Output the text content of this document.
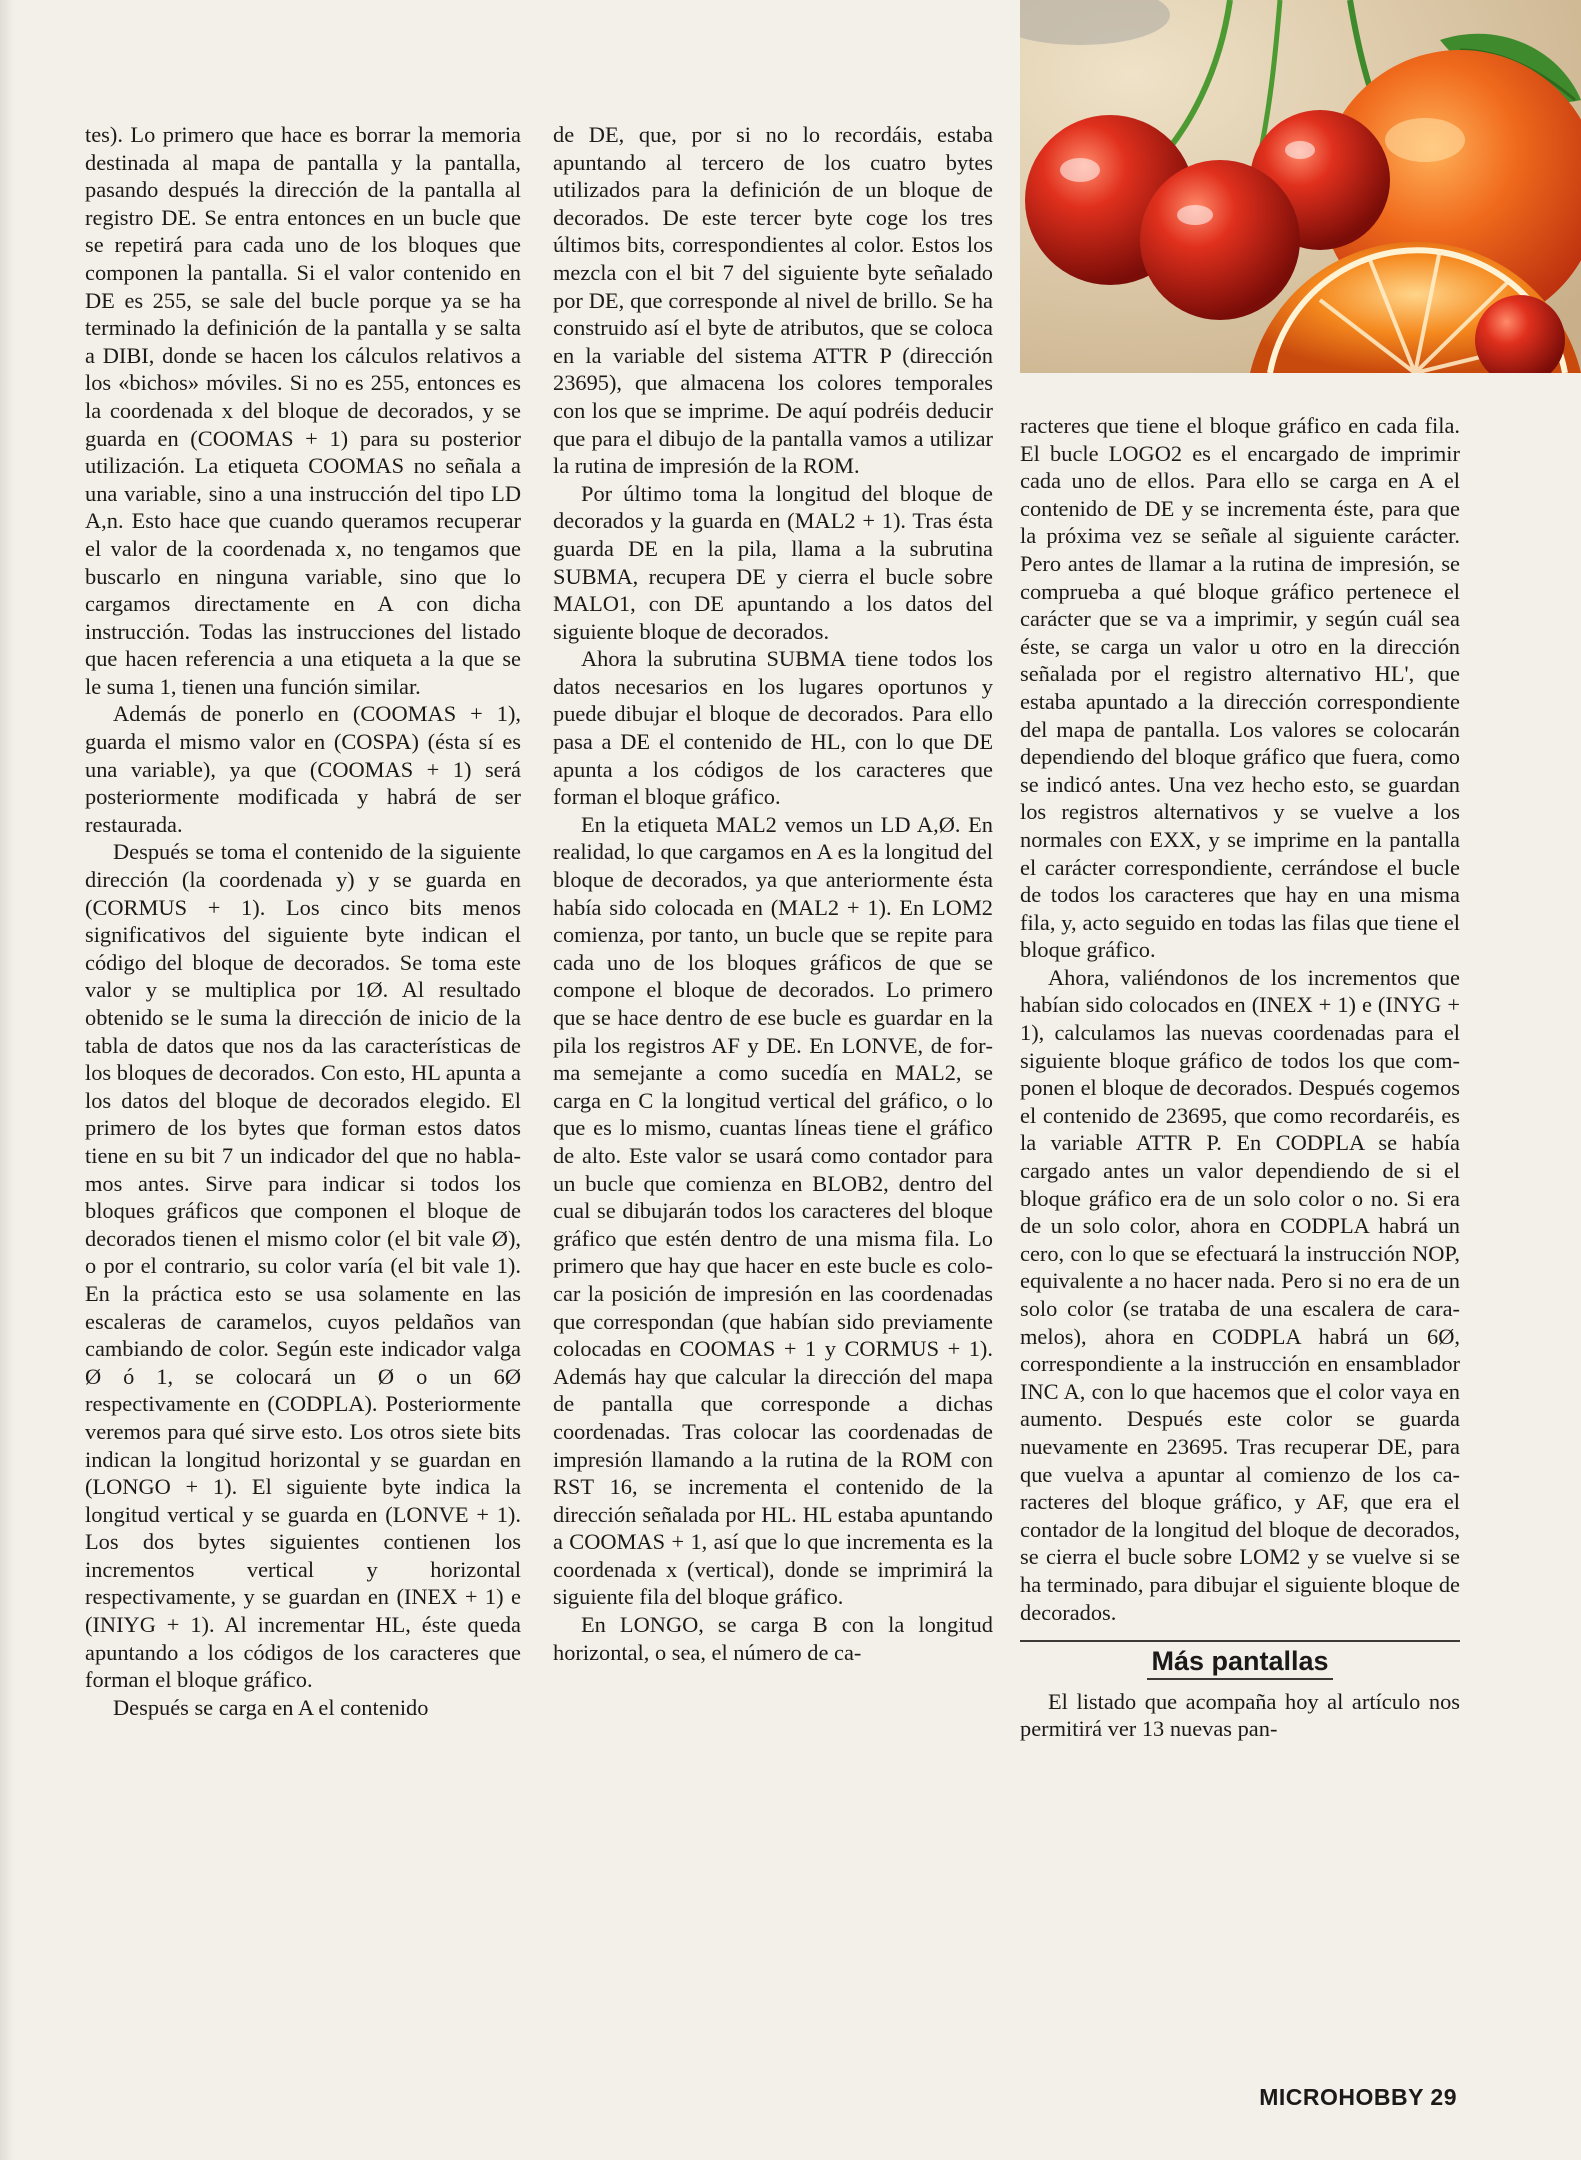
tes). Lo primero que hace es borrar la memoria destinada al mapa de pantalla y la pantalla, pasando después la dirección de la pantalla al registro DE. Se entra entonces en un bucle que se repetirá para cada uno de los bloques que componen la pantalla. Si el valor contenido en DE es 255, se sale del bucle porque ya se ha terminado la definición de la pantalla y se salta a DIBI, donde se hacen los cálculos relativos a los «bichos» móviles. Si no es 255, entonces es la coordenada x del bloque de decorados, y se guarda en (COOMAS + 1) para su posterior utilización. La etiqueta COOMAS no señala a una variable, sino a una instrucción del tipo LD A,n. Esto hace que cuando queramos recuperar el valor de la coordenada x, no tengamos que buscarlo en ninguna variable, sino que lo cargamos directamente en A con dicha instrucción. Todas las instrucciones del listado que hacen referencia a una etiqueta a la que se le suma 1, tienen una función similar.

Además de ponerlo en (COOMAS + 1), guarda el mismo valor en (COSPA) (ésta sí es una variable), ya que (COOMAS + 1) será posteriormente modificada y habrá de ser restaurada.

Después se toma el contenido de la siguiente dirección (la coordenada y) y se guarda en (CORMUS + 1). Los cinco bits menos significativos del siguiente byte indican el código del bloque de decorados. Se toma este valor y se multiplica por 1Ø. Al resultado obtenido se le suma la dirección de inicio de la tabla de datos que nos da las características de los bloques de decorados. Con esto, HL apunta a los datos del bloque de decorados elegido. El primero de los bytes que forman estos datos tiene en su bit 7 un indicador del que no hablamos antes. Sirve para indicar si todos los bloques gráficos que componen el bloque de decorados tienen el mismo color (el bit vale Ø), o por el contrario, su color varía (el bit vale 1). En la práctica esto se usa solamente en las escaleras de caramelos, cuyos peldaños van cambiando de color. Según este indicador valga Ø ó 1, se colocará un Ø o un 6Ø respectivamente en (CODPLA). Posteriormente veremos para qué sirve esto. Los otros siete bits indican la longitud horizontal y se guardan en (LONGO + 1). El siguiente byte indica la longitud vertical y se guarda en (LONVE + 1). Los dos bytes siguientes contienen los incrementos vertical y horizontal respectivamente, y se guardan en (INEX + 1) e (INIYG + 1). Al incrementar HL, éste queda apuntando a los códigos de los caracteres que forman el bloque gráfico.

Después se carga en A el contenido

de DE, que, por si no lo recordáis, estaba apuntando al tercero de los cuatro bytes utilizados para la definición de un bloque de decorados. De este tercer byte coge los tres últimos bits, correspondientes al color. Estos los mezcla con el bit 7 del siguiente byte señalado por DE, que corresponde al nivel de brillo. Se ha construido así el byte de atributos, que se coloca en la variable del sistema ATTR P (dirección 23695), que almacena los colores temporales con los que se imprime. De aquí podréis deducir que para el dibujo de la pantalla vamos a utilizar la rutina de impresión de la ROM.

Por último toma la longitud del bloque de decorados y la guarda en (MAL2 + 1). Tras ésta guarda DE en la pila, llama a la subrutina SUBMA, recupera DE y cierra el bucle sobre MALO1, con DE apuntando a los datos del siguiente bloque de decorados.

Ahora la subrutina SUBMA tiene todos los datos necesarios en los lugares oportunos y puede dibujar el bloque de decorados. Para ello pasa a DE el contenido de HL, con lo que DE apunta a los códigos de los caracteres que forman el bloque gráfico.

En la etiqueta MAL2 vemos un LD A,Ø. En realidad, lo que cargamos en A es la longitud del bloque de decorados, ya que anteriormente ésta había sido colocada en (MAL2 + 1). En LOM2 comienza, por tanto, un bucle que se repite para cada uno de los bloques gráficos de que se compone el bloque de decorados. Lo primero que se hace dentro de ese bucle es guardar en la pila los registros AF y DE. En LONVE, de forma semejante a como sucedía en MAL2, se carga en C la longitud vertical del gráfico, o lo que es lo mismo, cuantas líneas tiene el gráfico de alto. Este valor se usará como contador para un bucle que comienza en BLOB2, dentro del cual se dibujarán todos los caracteres del bloque gráfico que estén dentro de una misma fila. Lo primero que hay que hacer en este bucle es colocar la posición de impresión en las coordenadas que correspondan (que habían sido previamente colocadas en COOMAS + 1 y CORMUS + 1). Además hay que calcular la dirección del mapa de pantalla que corresponde a dichas coordenadas. Tras colocar las coordenadas de impresión llamando a la rutina de la ROM con RST 16, se incrementa el contenido de la dirección señalada por HL. HL estaba apuntando a COOMAS + 1, así que lo que incrementa es la coordenada x (vertical), donde se imprimirá la siguiente fila del bloque gráfico.

En LONGO, se carga B con la longitud horizontal, o sea, el número de ca-

racteres que tiene el bloque gráfico en cada fila. El bucle LOGO2 es el encargado de imprimir cada uno de ellos. Para ello se carga en A el contenido de DE y se incrementa éste, para que la próxima vez se señale al siguiente carácter. Pero antes de llamar a la rutina de impresión, se comprueba a qué bloque gráfico pertenece el carácter que se va a imprimir, y según cuál sea éste, se carga un valor u otro en la dirección señalada por el registro alternativo HL', que estaba apuntado a la dirección correspondiente del mapa de pantalla. Los valores se colocarán dependiendo del bloque gráfico que fuera, como se indicó antes. Una vez hecho esto, se guardan los registros alternativos y se vuelve a los normales con EXX, y se imprime en la pantalla el carácter correspondiente, cerrándose el bucle de todos los caracteres que hay en una misma fila, y, acto seguido en todas las filas que tiene el bloque gráfico.

Ahora, valiéndonos de los incrementos que habían sido colocados en (INEX + 1) e (INYG + 1), calculamos las nuevas coordenadas para el siguiente bloque gráfico de todos los que componen el bloque de decorados. Después cogemos el contenido de 23695, que como recordaréis, es la variable ATTR P. En CODPLA se había cargado antes un valor dependiendo de si el bloque gráfico era de un solo color o no. Si era de un solo color, ahora en CODPLA habrá un cero, con lo que se efectuará la instrucción NOP, equivalente a no hacer nada. Pero si no era de un solo color (se trataba de una escalera de caramelos), ahora en CODPLA habrá un 6Ø, correspondiente a la instrucción en ensamblador INC A, con lo que hacemos que el color vaya en aumento. Después este color se guarda nuevamente en 23695. Tras recuperar DE, para que vuelva a apuntar al comienzo de los caracteres del bloque gráfico, y AF, que era el contador de la longitud del bloque de decorados, se cierra el bucle sobre LOM2 y se vuelve si se ha terminado, para dibujar el siguiente bloque de decorados.

Más pantallas

El listado que acompaña hoy al artículo nos permitirá ver 13 nuevas pan-

MICROHOBBY 29
